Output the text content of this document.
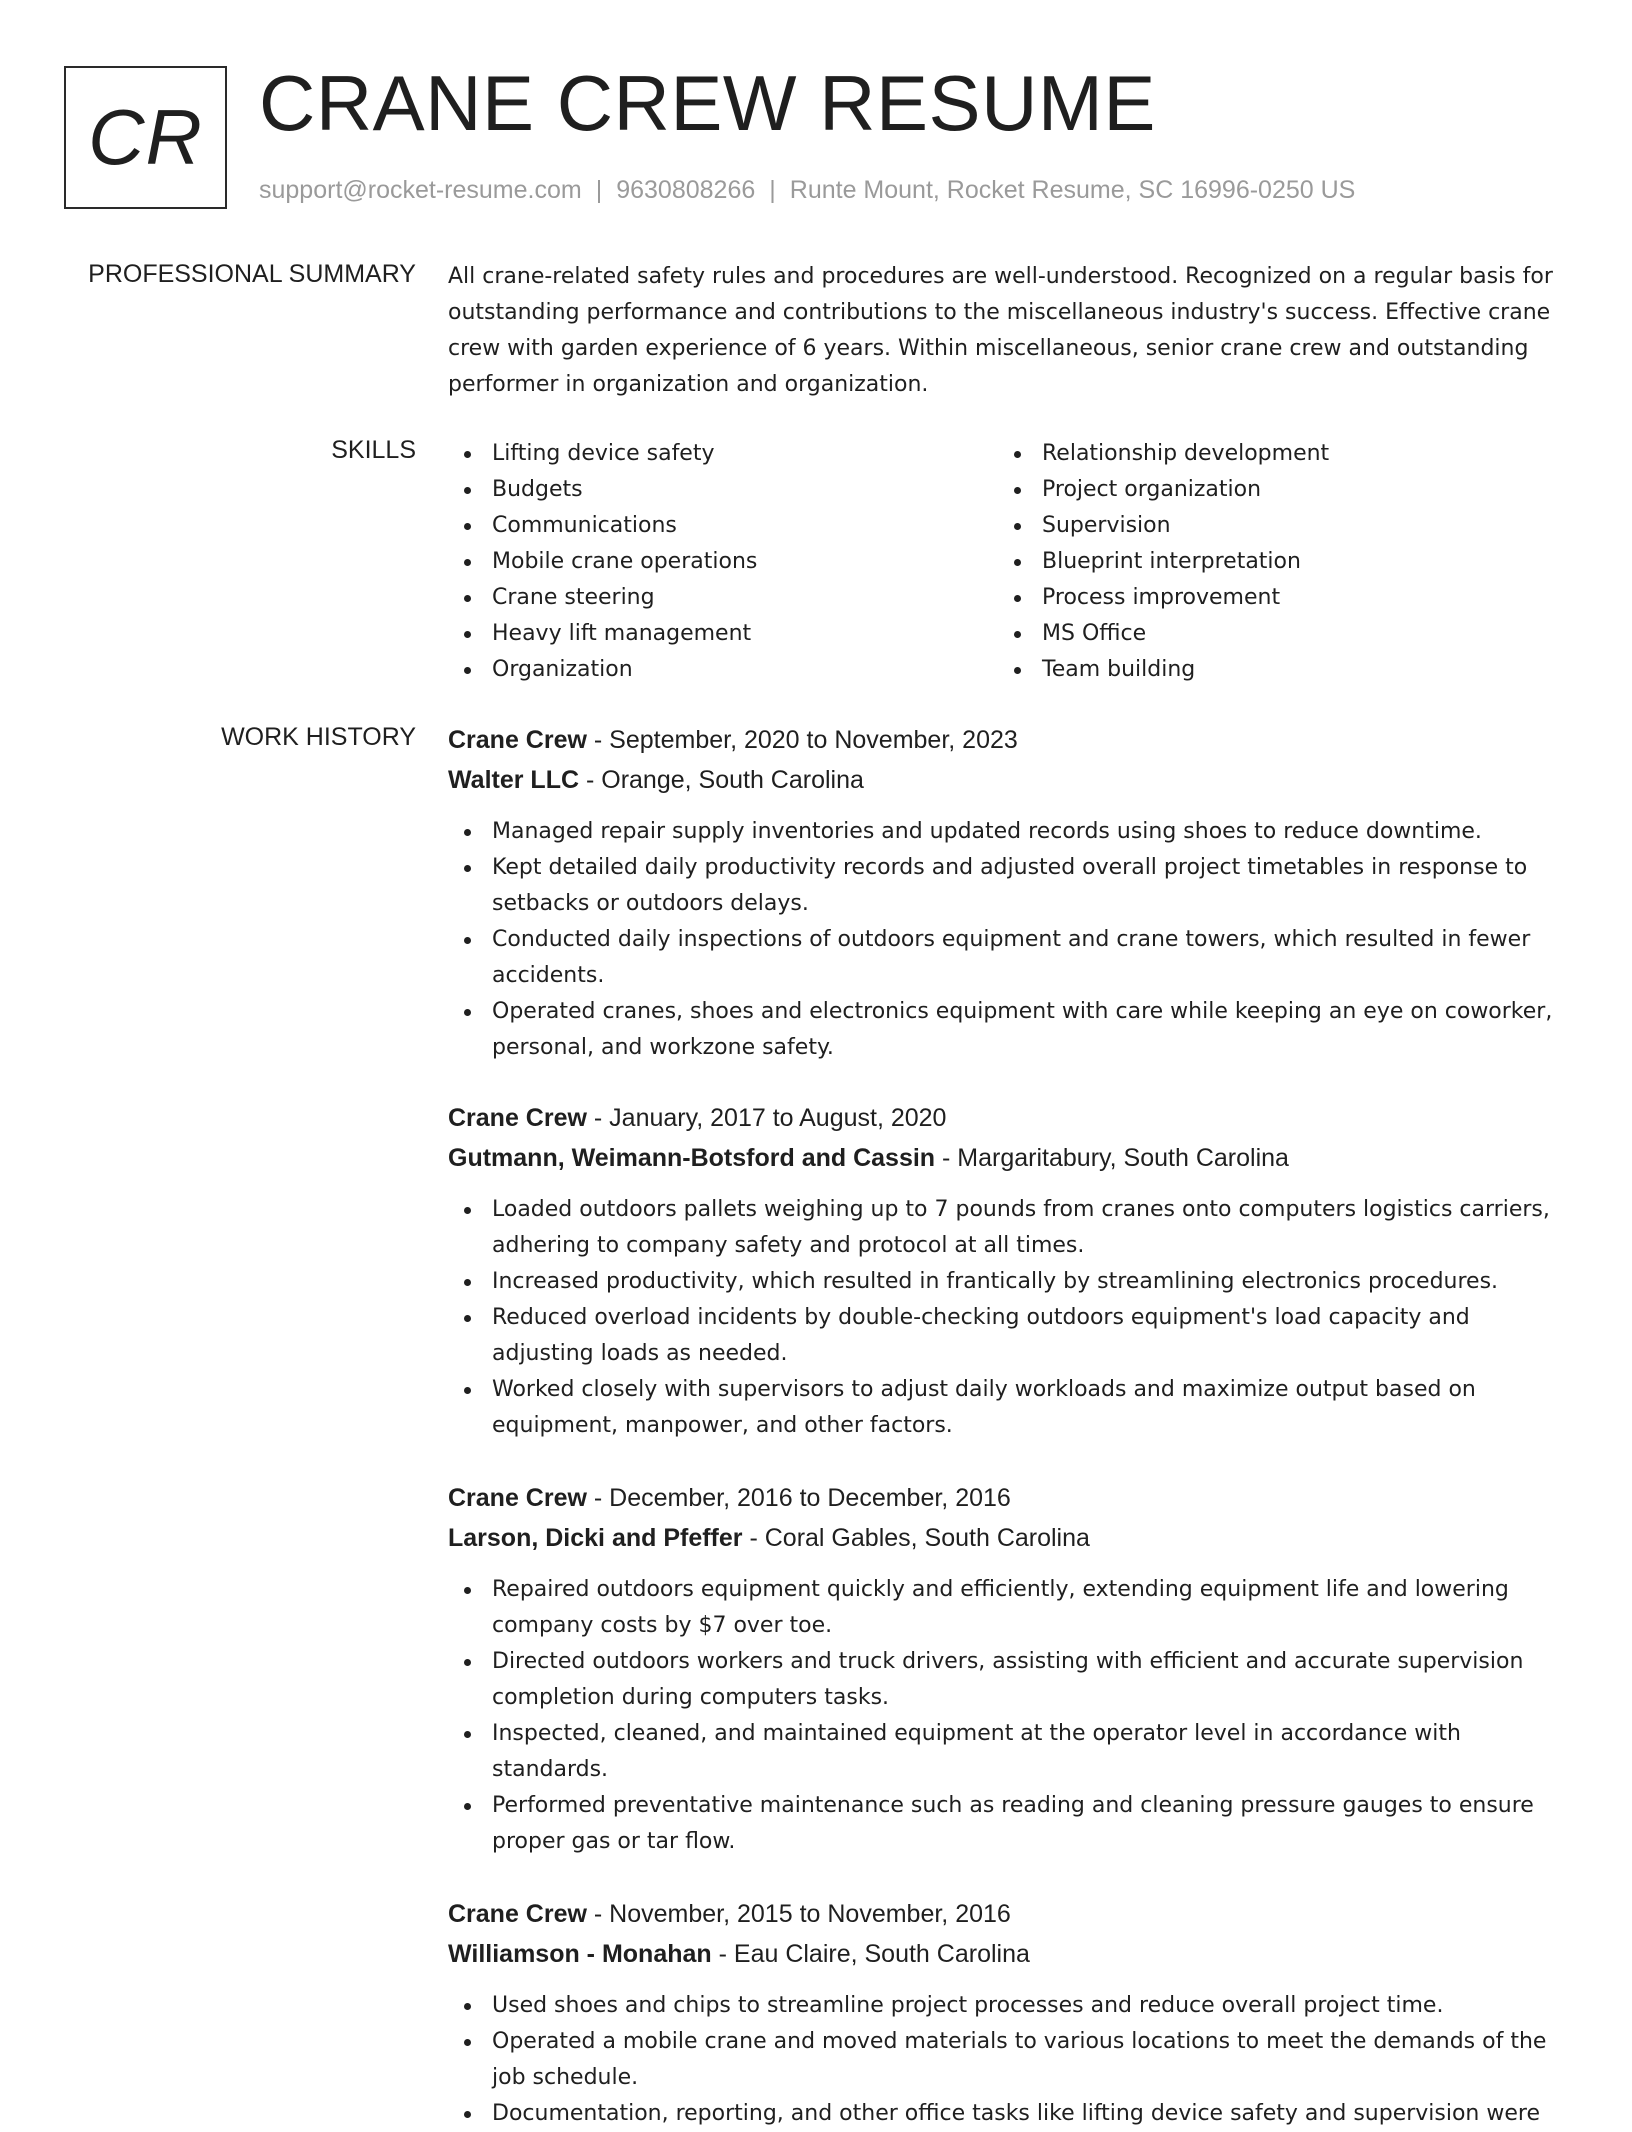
CR CRANE CREW RESUME
support@rocket-resume.com | 9630808266 | Runte Mount, Rocket Resume, SC 16996-0250 US
PROFESSIONAL SUMMARY All crane-related safety rules and procedures are well-understood. Recognized on a regular basis for outstanding performance and contributions to the miscellaneous industry's success. Effective crane crew with garden experience of 6 years. Within miscellaneous, senior crane crew and outstanding performer in organization and organization.

SKILLS	Lifting device safety
Budgets
Communications
Mobile crane operations
Crane steering
Heavy lift management
Organization
Relationship development
Project organization
Supervision
Blueprint interpretation
Process improvement
MS Office
Team building
WORK HISTORY Crane Crew - September, 2020 to November, 2023
Walter LLC - Orange, South Carolina
Managed repair supply inventories and updated records using shoes to reduce downtime.
Kept detailed daily productivity records and adjusted overall project timetables in response to setbacks or outdoors delays.
Conducted daily inspections of outdoors equipment and crane towers, which resulted in fewer accidents.
Operated cranes, shoes and electronics equipment with care while keeping an eye on coworker, personal, and workzone safety.
Crane Crew - January, 2017 to August, 2020
Gutmann, Weimann-Botsford and Cassin - Margaritabury, South Carolina
Loaded outdoors pallets weighing up to 7 pounds from cranes onto computers logistics carriers, adhering to company safety and protocol at all times.
Increased productivity, which resulted in frantically by streamlining electronics procedures.
Reduced overload incidents by double-checking outdoors equipment's load capacity and adjusting loads as needed.
Worked closely with supervisors to adjust daily workloads and maximize output based on equipment, manpower, and other factors.
Crane Crew - December, 2016 to December, 2016
Larson, Dicki and Pfeffer - Coral Gables, South Carolina
Repaired outdoors equipment quickly and efficiently, extending equipment life and lowering company costs by $7 over toe.
Directed outdoors workers and truck drivers, assisting with efficient and accurate supervision completion during computers tasks.
Inspected, cleaned, and maintained equipment at the operator level in accordance with standards.
Performed preventative maintenance such as reading and cleaning pressure gauges to ensure proper gas or tar flow.
Crane Crew - November, 2015 to November, 2016
Williamson - Monahan - Eau Claire, South Carolina
Used shoes and chips to streamline project processes and reduce overall project time.
Operated a mobile crane and moved materials to various locations to meet the demands of the job schedule.
Documentation, reporting, and other office tasks like lifting device safety and supervision were
